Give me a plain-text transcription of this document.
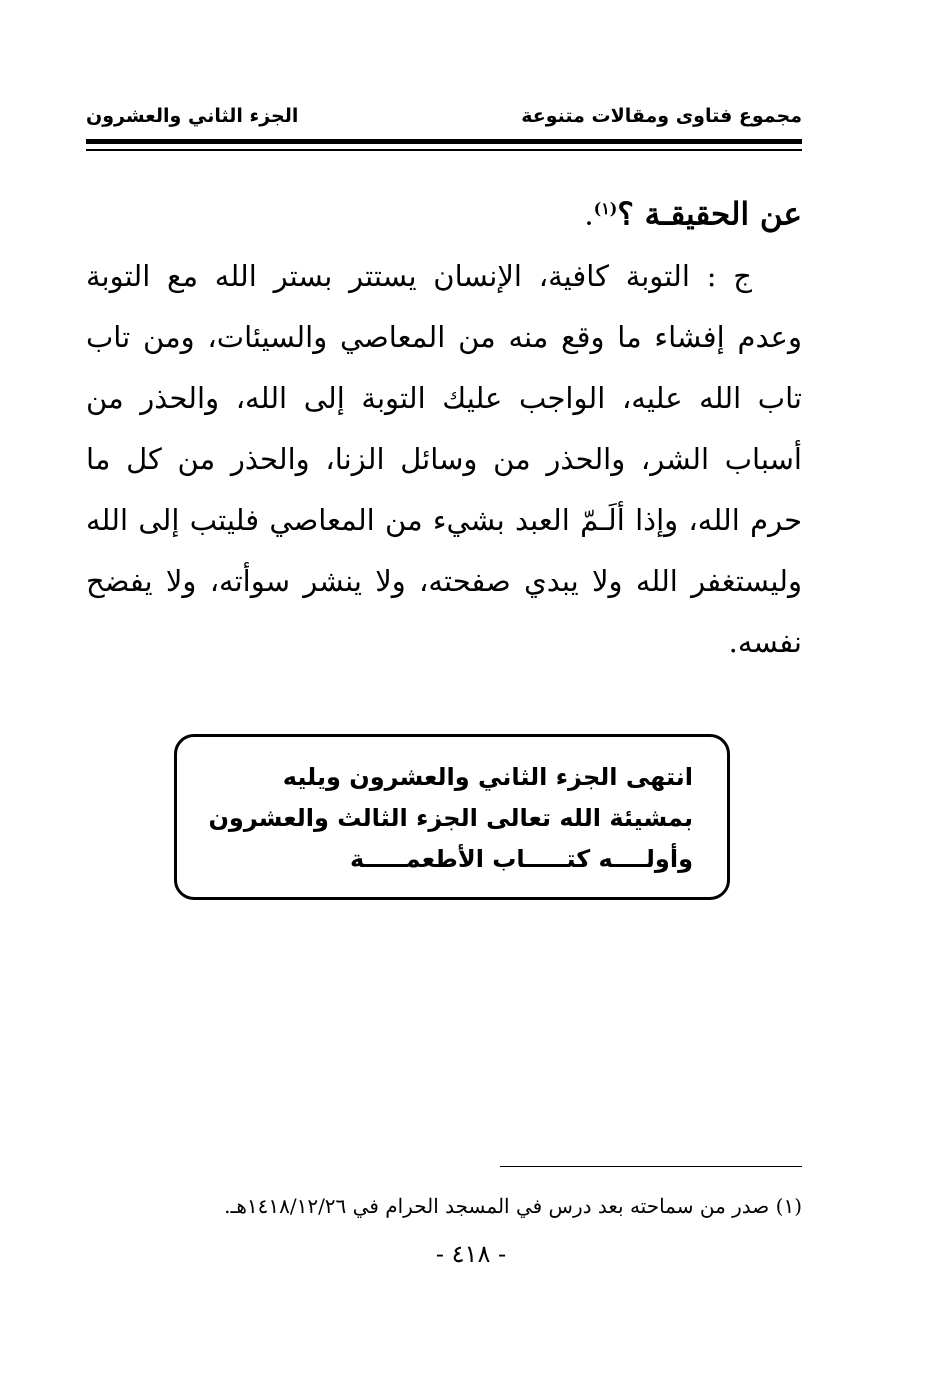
مجموع فتاوى ومقالات متنوعة
الجزء الثاني والعشرون

عن الحقيقـة ؟$^{(١)}$.

ج : التوبة كافية، الإنسان يستتر بستر الله مع التوبة وعدم إفشاء ما وقع منه من المعاصي والسيئات، ومن تاب تاب الله عليه، الواجب عليك التوبة إلى الله، والحذر من أسباب الشر، والحذر من وسائل الزنا، والحذر من كل ما حرم الله، وإذا ألَـمّ العبد بشيء من المعاصي فليتب إلى الله وليستغفر الله ولا يبدي صفحته، ولا ينشر سوأته، ولا يفضح نفسه.

انتهى الجزء الثاني والعشرون ويليه
بمشيئة الله تعالى الجزء الثالث والعشرون
وأولــــه كتـــــاب الأطعمـــــة
(١) صدر من سماحته بعد درس في المسجد الحرام في ١٤١٨/١٢/٢٦هـ.
- ٤١٨ -
